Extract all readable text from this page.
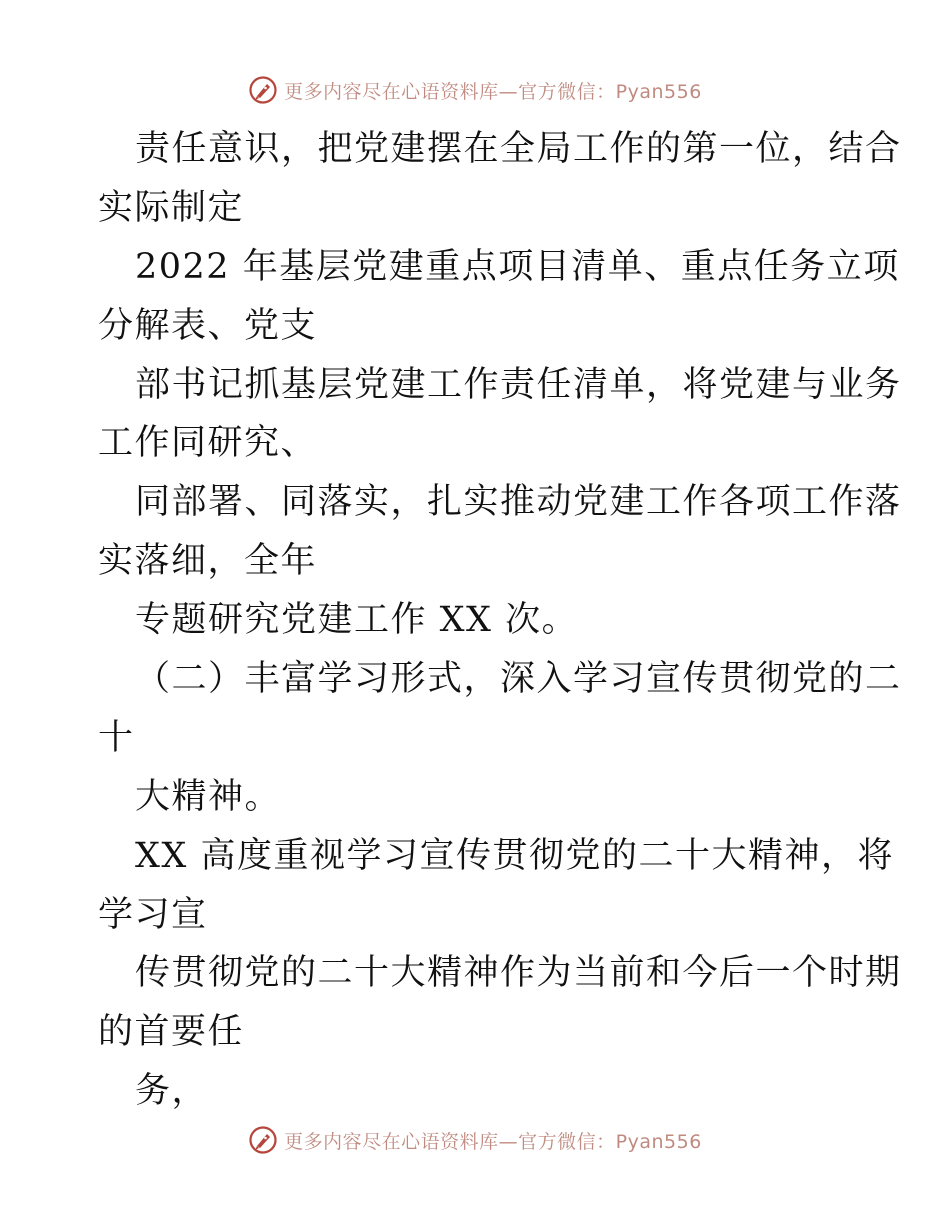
更多内容尽在心语资料库—官方微信：Pyan556
责任意识，把党建摆在全局工作的第一位，结合
实际制定
2022 年基层党建重点项目清单、重点任务立项
分解表、党支
部书记抓基层党建工作责任清单，将党建与业务
工作同研究、
同部署、同落实，扎实推动党建工作各项工作落
实落细，全年
专题研究党建工作 XX 次。
（二）丰富学习形式，深入学习宣传贯彻党的二
十
大精神。
XX 高度重视学习宣传贯彻党的二十大精神，将
学习宣
传贯彻党的二十大精神作为当前和今后一个时期
的首要任
务，
更多内容尽在心语资料库—官方微信：Pyan556
